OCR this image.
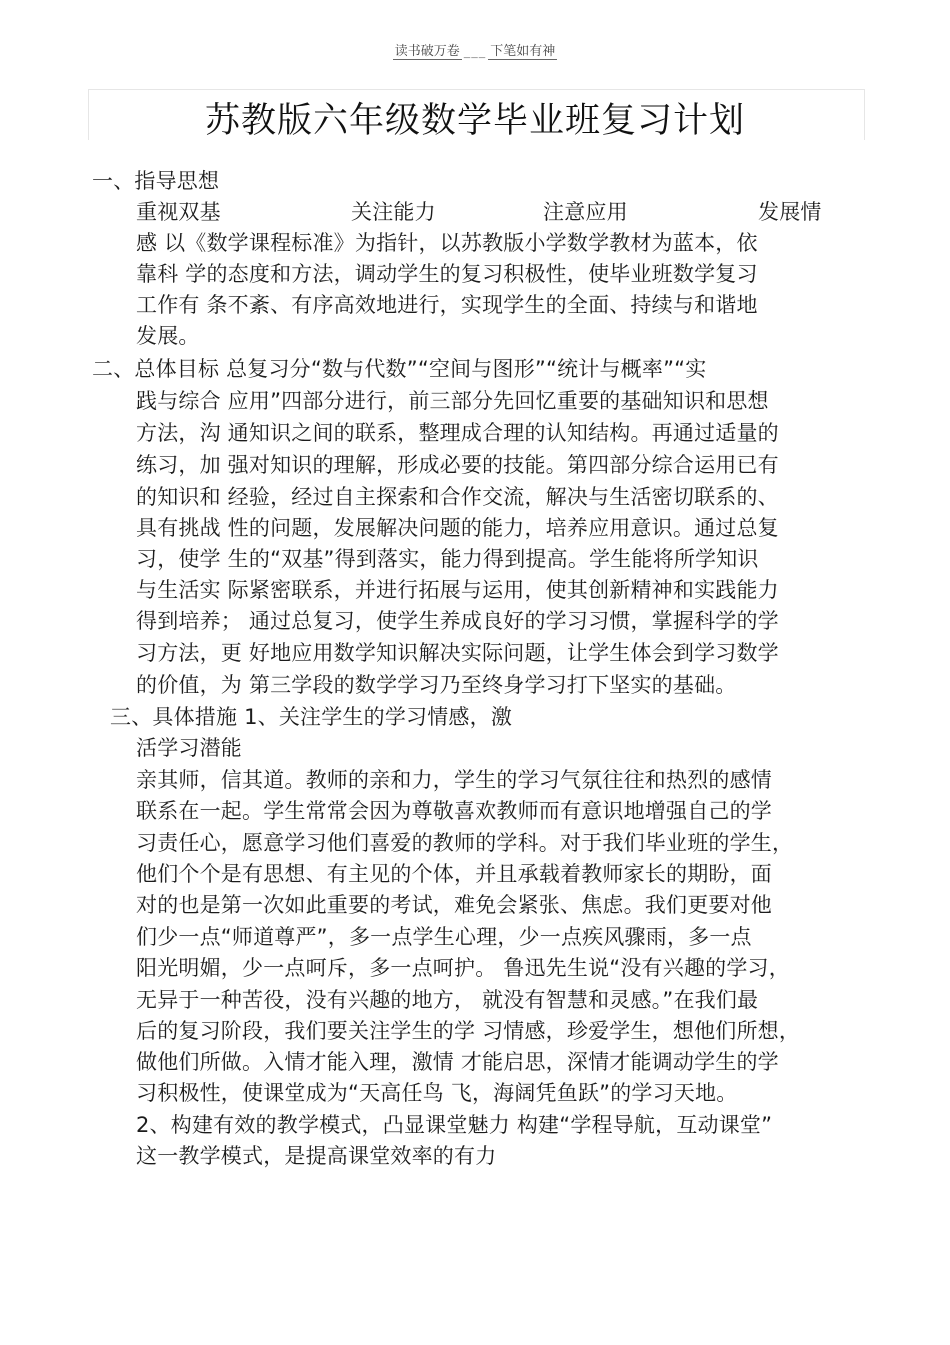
读书破万卷 ___ 下笔如有神
苏教版六年级数学毕业班复习计划
一、指导思想
重视双基	关注能力	注意应用	发展情
感 以《数学课程标准》为指针，以苏教版小学数学教材为蓝本，依
靠科 学的态度和方法，调动学生的复习积极性，使毕业班数学复习
工作有 条不紊、有序高效地进行，实现学生的全面、持续与和谐地
发展。
二、总体目标 总复习分“数与代数”“空间与图形”“统计与概率”“实
践与综合 应用”四部分进行，前三部分先回忆重要的基础知识和思想
方法，沟 通知识之间的联系，整理成合理的认知结构。再通过适量的
练习，加 强对知识的理解，形成必要的技能。第四部分综合运用已有
的知识和 经验，经过自主探索和合作交流，解决与生活密切联系的、
具有挑战 性的问题，发展解决问题的能力，培养应用意识。通过总复
习，使学 生的“双基”得到落实，能力得到提高。学生能将所学知识
与生活实 际紧密联系，并进行拓展与运用，使其创新精神和实践能力
得到培养； 通过总复习，使学生养成良好的学习习惯，掌握科学的学
习方法，更 好地应用数学知识解决实际问题，让学生体会到学习数学
的价值，为 第三学段的数学学习乃至终身学习打下坚实的基础。
三、具体措施 1、关注学生的学习情感，激
活学习潜能
亲其师，信其道。教师的亲和力，学生的学习气氛往往和热烈的感情
联系在一起。学生常常会因为尊敬喜欢教师而有意识地增强自己的学
习责任心，愿意学习他们喜爱的教师的学科。对于我们毕业班的学生，
他们个个是有思想、有主见的个体，并且承载着教师家长的期盼，面
对的也是第一次如此重要的考试，难免会紧张、焦虑。我们更要对他
们少一点“师道尊严”，多一点学生心理，少一点疾风骤雨，多一点
阳光明媚，少一点呵斥，多一点呵护。 鲁迅先生说“没有兴趣的学习，
无异于一种苦役，没有兴趣的地方， 就没有智慧和灵感。”在我们最
后的复习阶段，我们要关注学生的学 习情感，珍爱学生，想他们所想，
做他们所做。入情才能入理，激情 才能启思，深情才能调动学生的学
习积极性，使课堂成为“天高任鸟 飞，海阔凭鱼跃”的学习天地。
2、构建有效的教学模式，凸显课堂魅力 构建“学程导航，互动课堂”
这一教学模式，是提高课堂效率的有力
